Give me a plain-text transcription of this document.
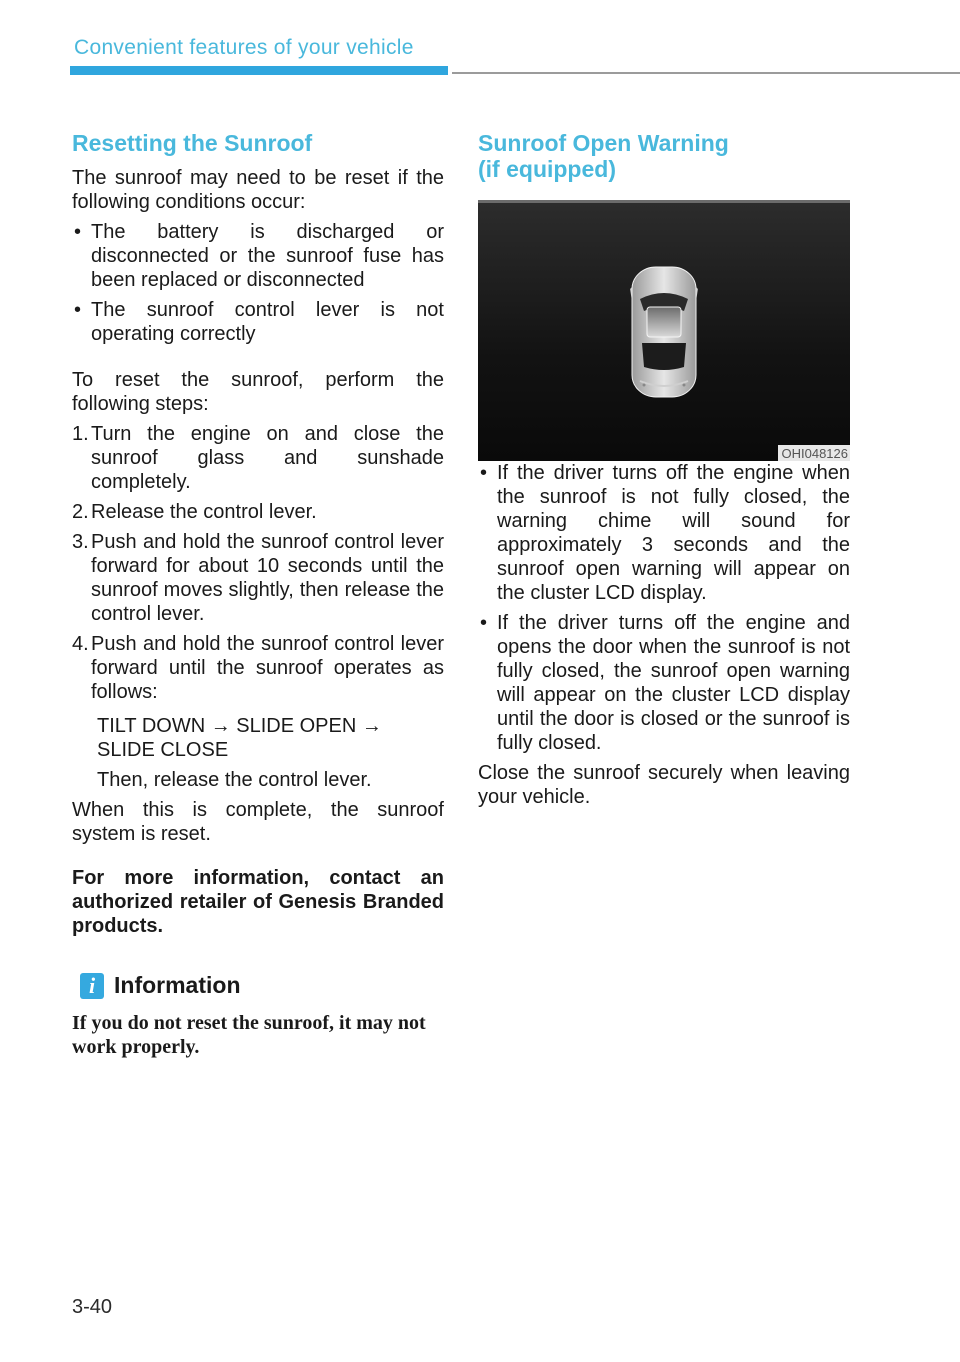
Convenient features of your vehicle
Resetting the Sunroof

The sunroof may need to be reset if the following conditions occur:

• The battery is discharged or disconnected or the sunroof fuse has been replaced or disconnected
• The sunroof control lever is not operating correctly

To reset the sunroof, perform the following steps:

1. Turn the engine on and close the sunroof glass and sunshade completely.
2. Release the control lever.
3. Push and hold the sunroof control lever forward for about 10 seconds until the sunroof moves slightly, then release the control lever.
4. Push and hold the sunroof control lever forward until the sunroof operates as follows:
TILT DOWN → SLIDE OPEN → SLIDE CLOSE
Then, release the control lever.

When this is complete, the sunroof system is reset.

For more information, contact an authorized retailer of Genesis Branded products.

i Information
If you do not reset the sunroof, it may not work properly.
Sunroof Open Warning
(if equipped)
OHI048126
• If the driver turns off the engine when the sunroof is not fully closed, the warning chime will sound for approximately 3 seconds and the sunroof open warning will appear on the cluster LCD display.
• If the driver turns off the engine and opens the door when the sunroof is not fully closed, the sunroof open warning will appear on the cluster LCD display until the door is closed or the sunroof is fully closed.

Close the sunroof securely when leaving your vehicle.

3-40
